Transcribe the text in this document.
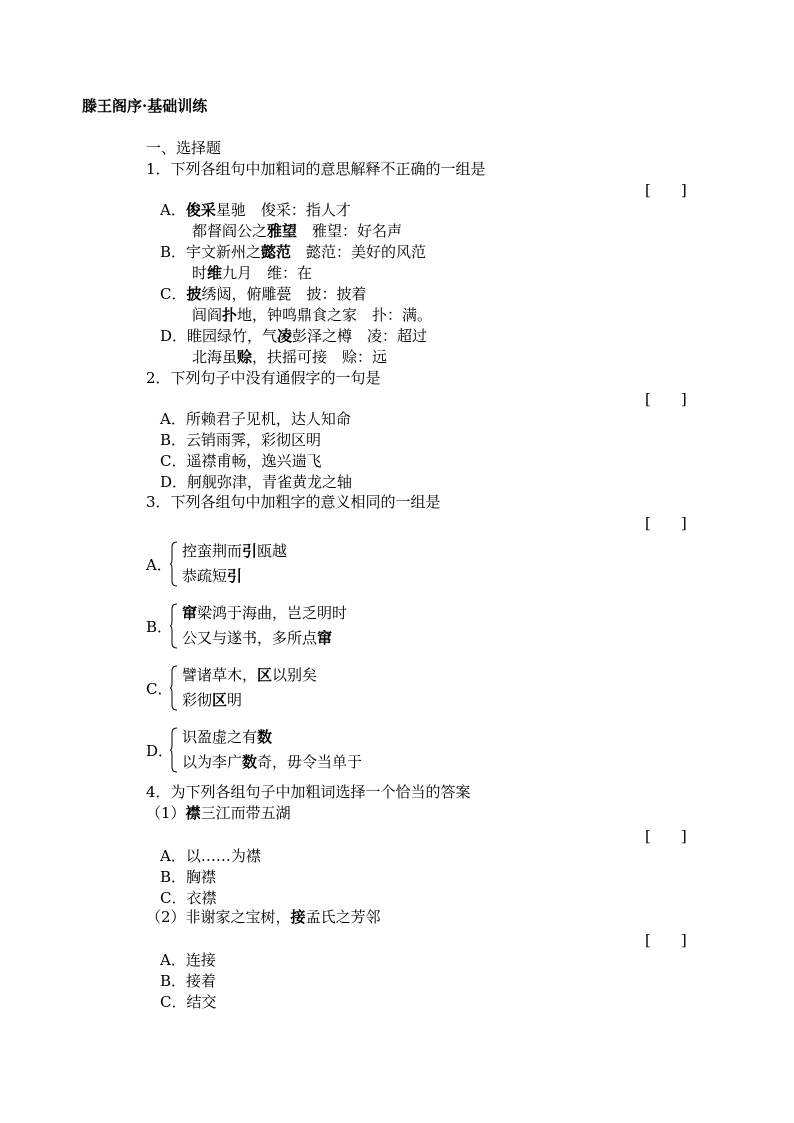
滕王阁序·基础训练
一、选择题
1．下列各组句中加粗词的意思解释不正确的一组是
[　　]
A．俊采星驰　俊采：指人才
都督阎公之雅望　雅望：好名声
B．宇文新州之懿范　懿范：美好的风范
时维九月　维：在
C．披绣闼，俯雕甍　披：披着
闾阎扑地，钟鸣鼎食之家　扑：满。
D．睢园绿竹，气凌彭泽之樽　凌：超过
北海虽赊，扶摇可接　赊：远
2．下列句子中没有通假字的一句是
[　　]
A．所赖君子见机，达人知命
B．云销雨霁，彩彻区明
C．遥襟甫畅，逸兴遄飞
D．舸舰弥津，青雀黄龙之轴
3．下列各组句中加粗字的意义相同的一组是
[　　]
A．
控蛮荆而引瓯越
恭疏短引
B．
窜梁鸿于海曲，岂乏明时
公又与遂书，多所点窜
C．
譬诸草木，区以别矣
彩彻区明
D．
识盈虚之有数
以为李广数奇，毋令当单于
4．为下列各组句子中加粗词选择一个恰当的答案
（1）襟三江而带五湖
[　　]
A．以……为襟
B．胸襟
C．衣襟
（2）非谢家之宝树，接孟氏之芳邻
[　　]
A．连接
B．接着
C．结交
